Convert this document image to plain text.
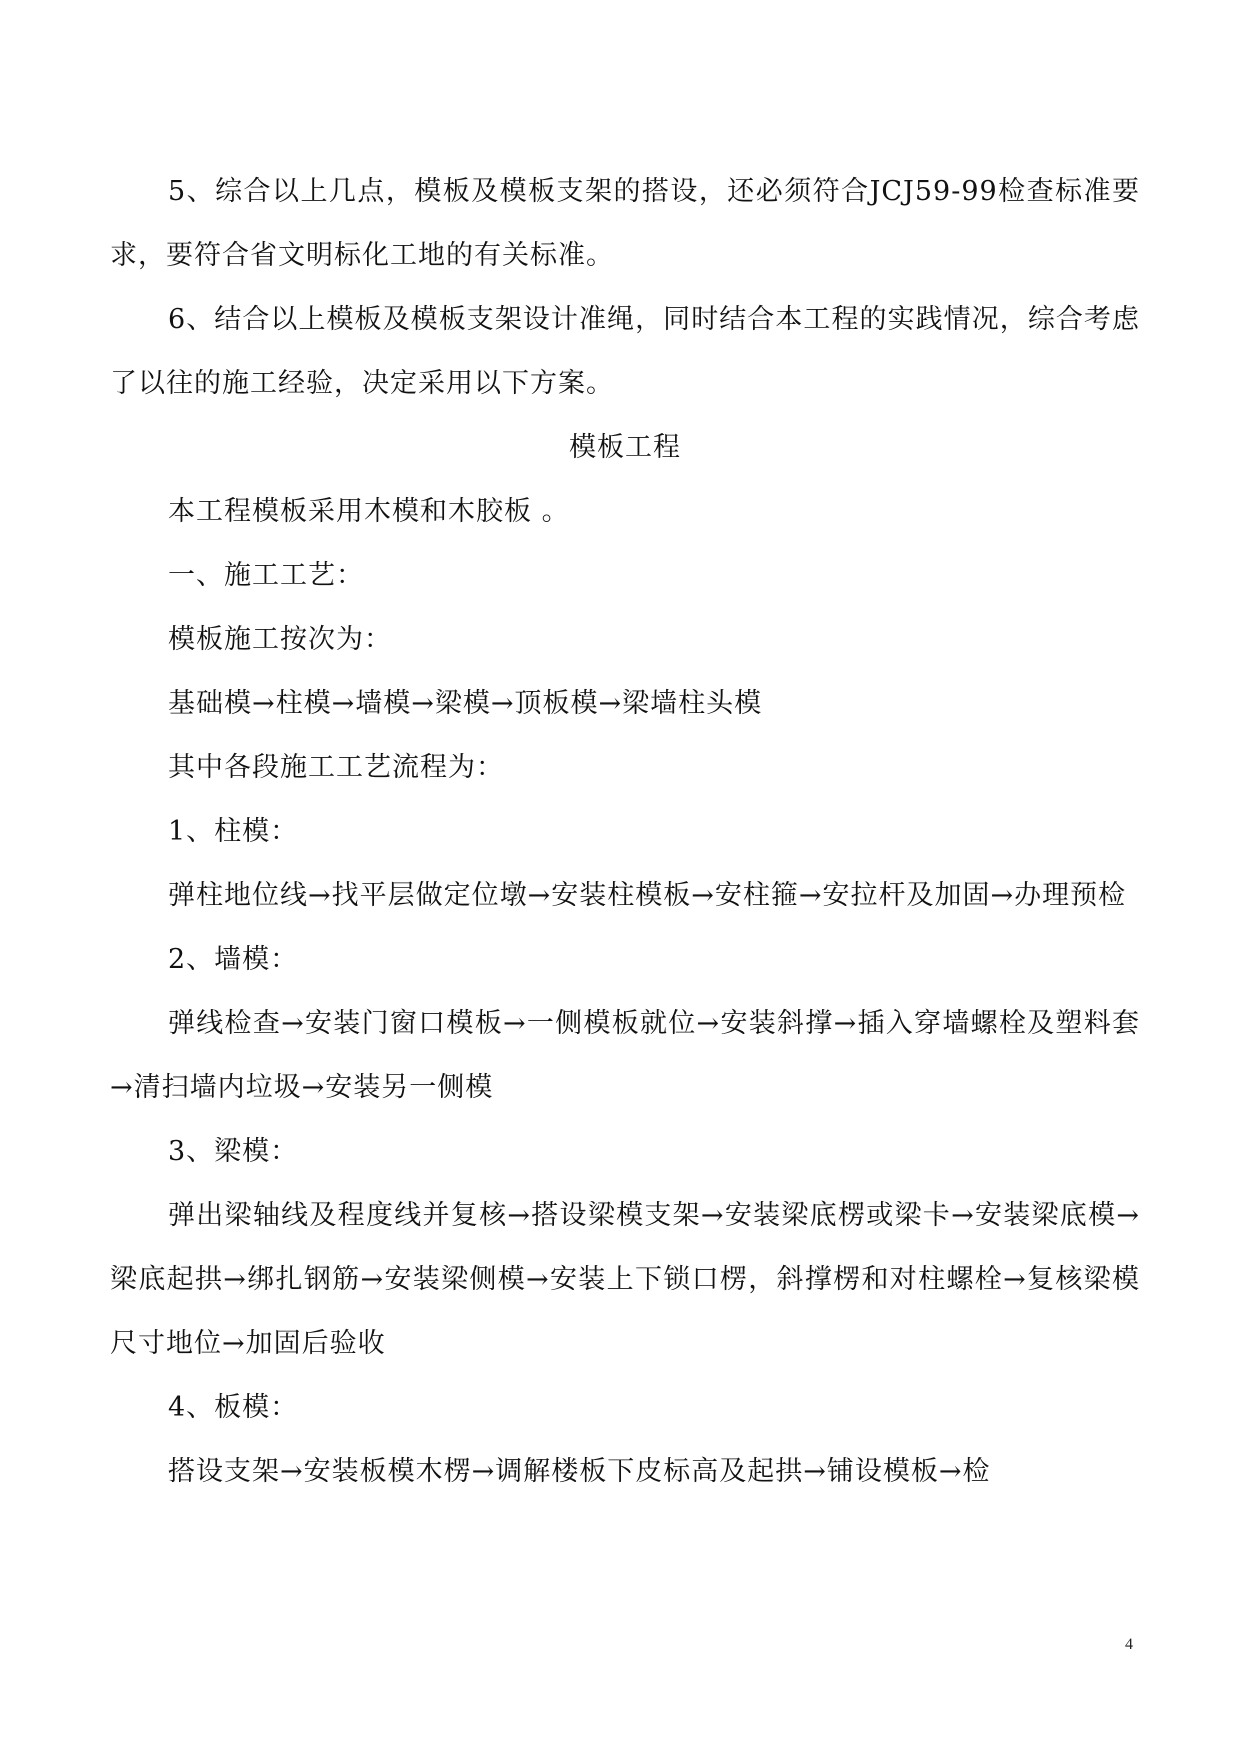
5、综合以上几点，模板及模板支架的搭设，还必须符合JCJ59-99检查标准要求，要符合省文明标化工地的有关标准。

6、结合以上模板及模板支架设计准绳，同时结合本工程的实践情况，综合考虑了以往的施工经验，决定采用以下方案。

模板工程

本工程模板采用木模和木胶板 。

一、施工工艺：

模板施工按次为：

基础模→柱模→墙模→梁模→顶板模→梁墙柱头模

其中各段施工工艺流程为：

1、柱模：

弹柱地位线→找平层做定位墩→安装柱模板→安柱箍→安拉杆及加固→办理预检

2、墙模：

弹线检查→安装门窗口模板→一侧模板就位→安装斜撑→插入穿墙螺栓及塑料套→清扫墙内垃圾→安装另一侧模

3、梁模：

弹出梁轴线及程度线并复核→搭设梁模支架→安装梁底楞或梁卡→安装梁底模→梁底起拱→绑扎钢筋→安装梁侧模→安装上下锁口楞，斜撑楞和对柱螺栓→复核梁模尺寸地位→加固后验收

4、板模：

搭设支架→安装板模木楞→调解楼板下皮标高及起拱→铺设模板→检

4
